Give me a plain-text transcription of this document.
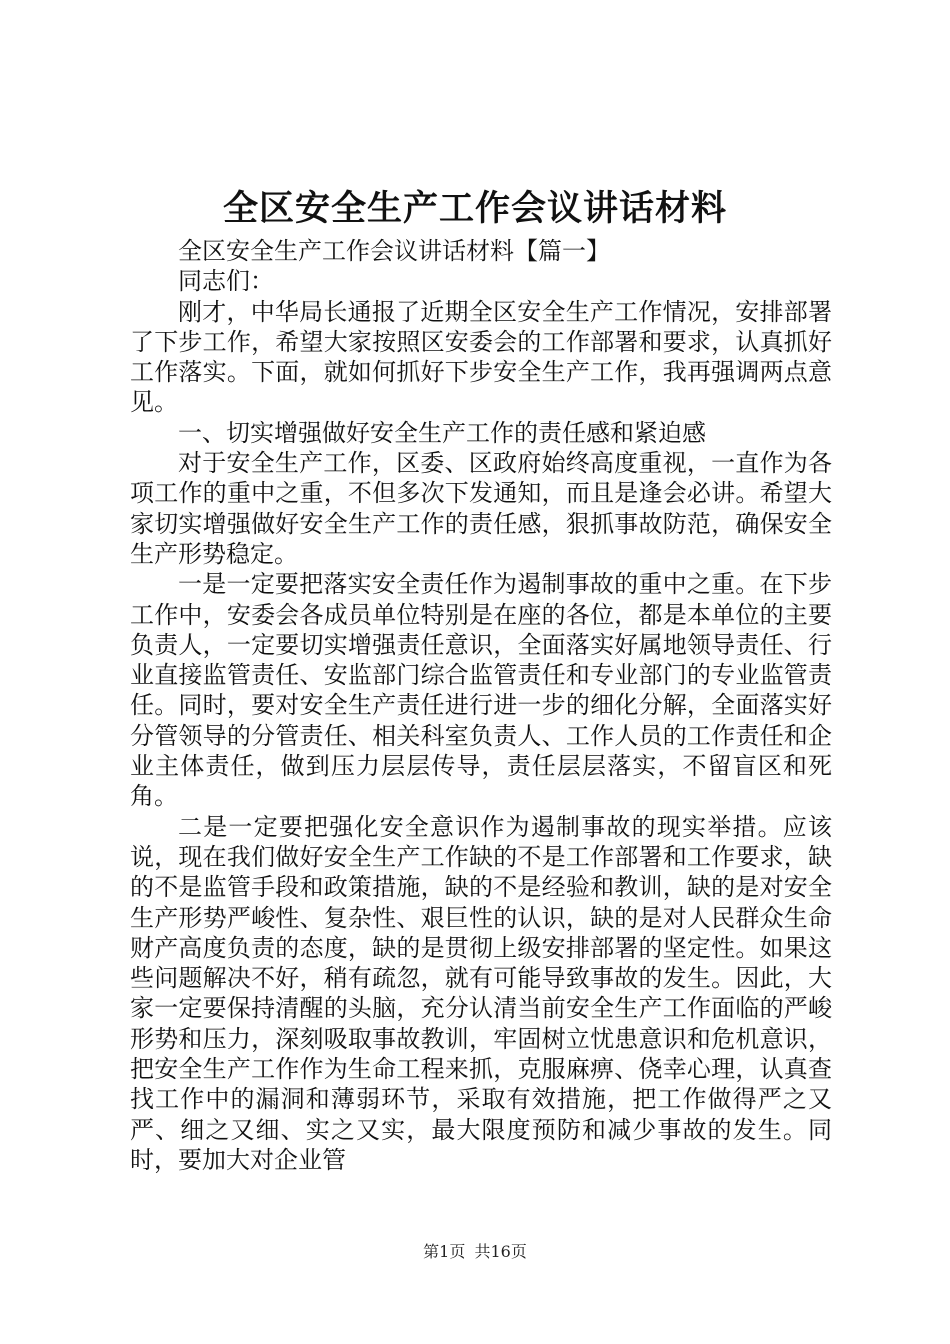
全区安全生产工作会议讲话材料

全区安全生产工作会议讲话材料【篇一】

同志们：

刚才，中华局长通报了近期全区安全生产工作情况，安排部署了下步工作，希望大家按照区安委会的工作部署和要求，认真抓好工作落实。下面，就如何抓好下步安全生产工作，我再强调两点意见。

一、切实增强做好安全生产工作的责任感和紧迫感

对于安全生产工作，区委、区政府始终高度重视，一直作为各项工作的重中之重，不但多次下发通知，而且是逢会必讲。希望大家切实增强做好安全生产工作的责任感，狠抓事故防范，确保安全生产形势稳定。

一是一定要把落实安全责任作为遏制事故的重中之重。在下步工作中，安委会各成员单位特别是在座的各位，都是本单位的主要负责人，一定要切实增强责任意识，全面落实好属地领导责任、行业直接监管责任、安监部门综合监管责任和专业部门的专业监管责任。同时，要对安全生产责任进行进一步的细化分解，全面落实好分管领导的分管责任、相关科室负责人、工作人员的工作责任和企业主体责任，做到压力层层传导，责任层层落实，不留盲区和死角。

二是一定要把强化安全意识作为遏制事故的现实举措。应该说，现在我们做好安全生产工作缺的不是工作部署和工作要求，缺的不是监管手段和政策措施，缺的不是经验和教训，缺的是对安全生产形势严峻性、复杂性、艰巨性的认识，缺的是对人民群众生命财产高度负责的态度，缺的是贯彻上级安排部署的坚定性。如果这些问题解决不好，稍有疏忽，就有可能导致事故的发生。因此，大家一定要保持清醒的头脑，充分认清当前安全生产工作面临的严峻形势和压力，深刻吸取事故教训，牢固树立忧患意识和危机意识，把安全生产工作作为生命工程来抓，克服麻痹、侥幸心理，认真查找工作中的漏洞和薄弱环节，采取有效措施，把工作做得严之又严、细之又细、实之又实，最大限度预防和减少事故的发生。同时，要加大对企业管

第1页 共16页
